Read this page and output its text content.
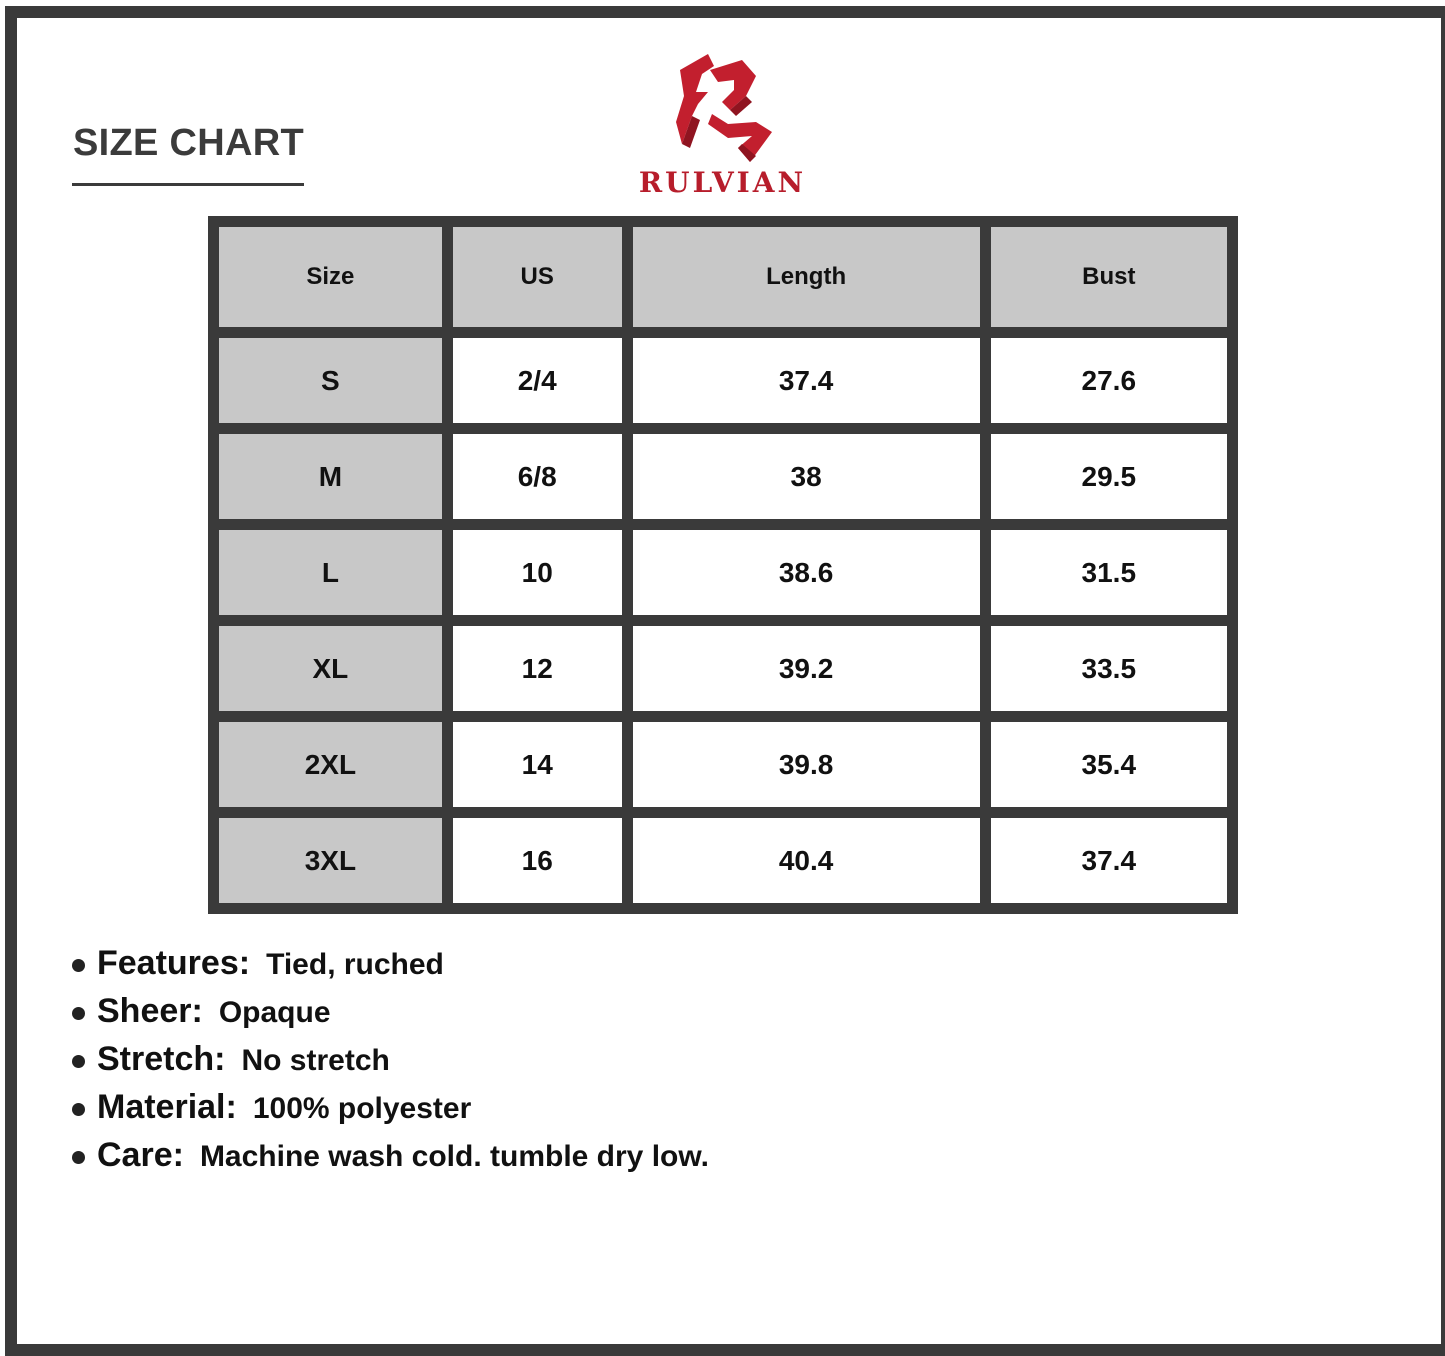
SIZE CHART
RULVIAN
Size	US	Length	Bust
S	2/4	37.4	27.6
M	6/8	38	29.5
L	10	38.6	31.5
XL	12	39.2	33.5
2XL	14	39.8	35.4
3XL	16	40.4	37.4
Features: Tied, ruched
Sheer: Opaque
Stretch: No stretch
Material: 100% polyester
Care: Machine wash cold. tumble dry low.
